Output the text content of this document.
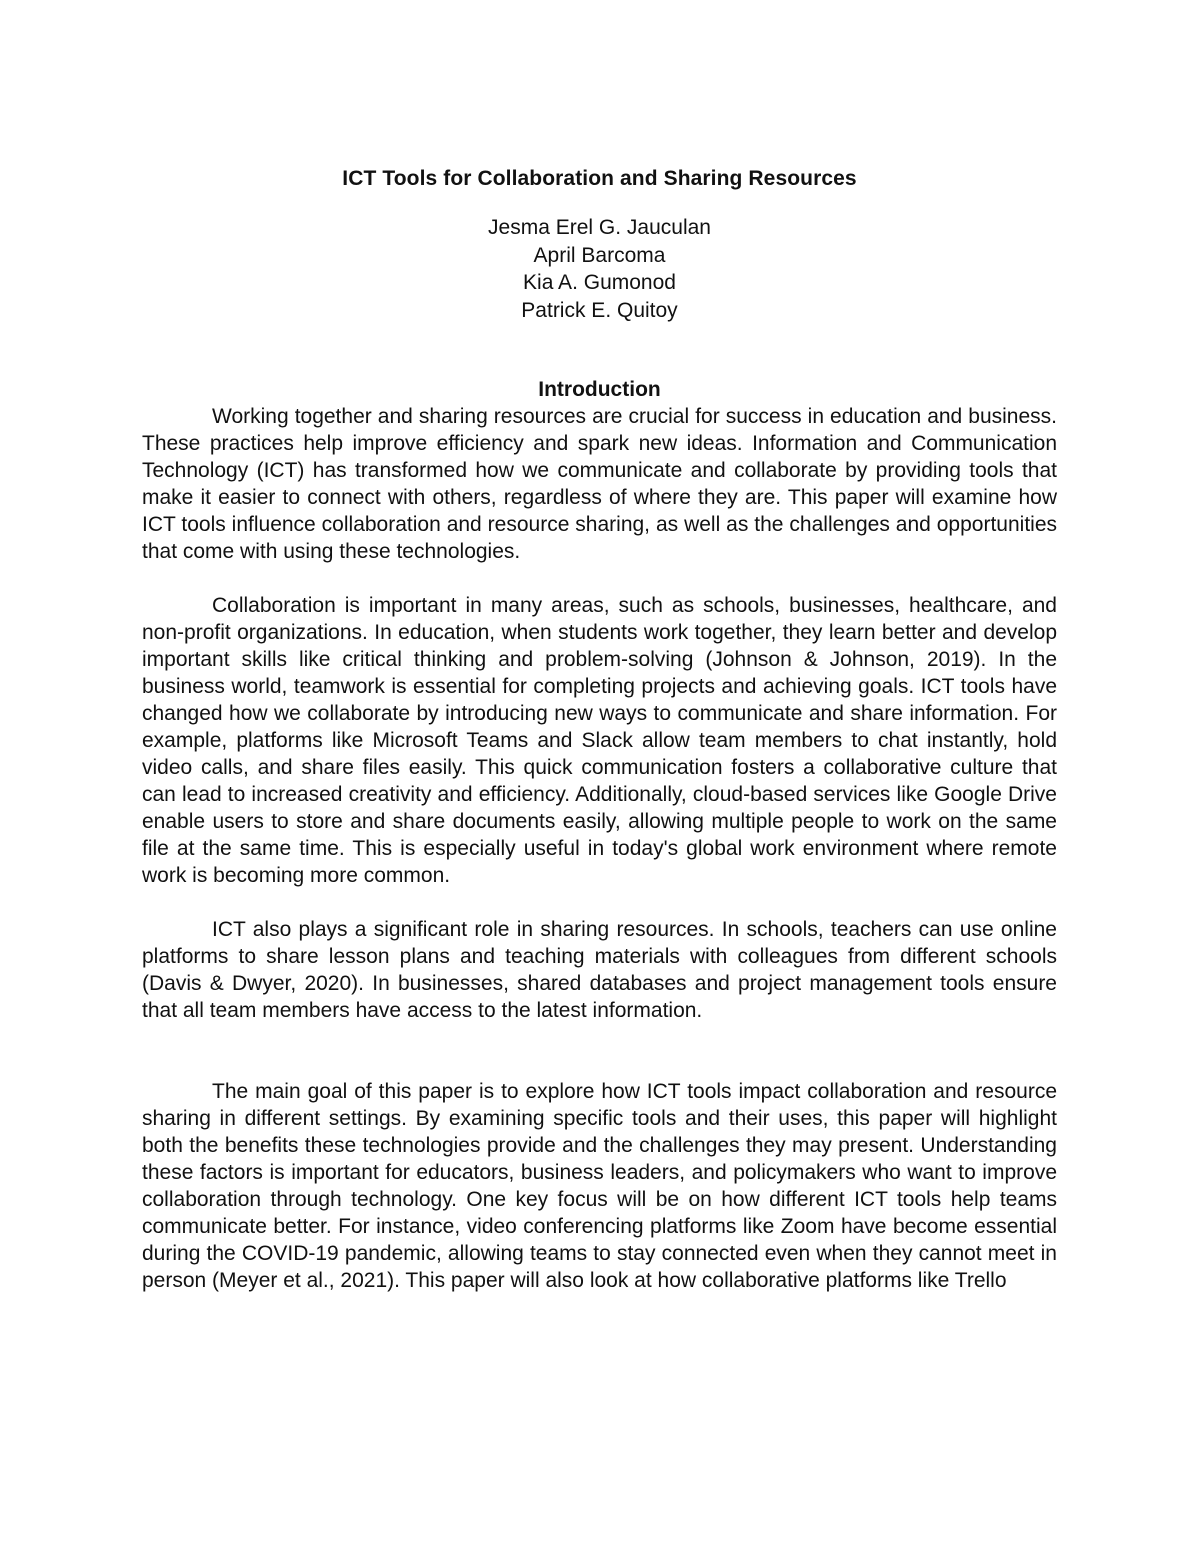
ICT Tools for Collaboration and Sharing Resources
Jesma Erel G. Jauculan
April Barcoma
Kia A. Gumonod
Patrick E. Quitoy
Introduction

Working together and sharing resources are crucial for success in education and business. These practices help improve efficiency and spark new ideas. Information and Communication Technology (ICT) has transformed how we communicate and collaborate by providing tools that make it easier to connect with others, regardless of where they are. This paper will examine how ICT tools influence collaboration and resource sharing, as well as the challenges and opportunities that come with using these technologies.

Collaboration is important in many areas, such as schools, businesses, healthcare, and non-profit organizations. In education, when students work together, they learn better and develop important skills like critical thinking and problem-solving (Johnson & Johnson, 2019). In the business world, teamwork is essential for completing projects and achieving goals. ICT tools have changed how we collaborate by introducing new ways to communicate and share information. For example, platforms like Microsoft Teams and Slack allow team members to chat instantly, hold video calls, and share files easily. This quick communication fosters a collaborative culture that can lead to increased creativity and efficiency. Additionally, cloud-based services like Google Drive enable users to store and share documents easily, allowing multiple people to work on the same file at the same time. This is especially useful in today's global work environment where remote work is becoming more common.

ICT also plays a significant role in sharing resources. In schools, teachers can use online platforms to share lesson plans and teaching materials with colleagues from different schools (Davis & Dwyer, 2020). In businesses, shared databases and project management tools ensure that all team members have access to the latest information.

The main goal of this paper is to explore how ICT tools impact collaboration and resource sharing in different settings. By examining specific tools and their uses, this paper will highlight both the benefits these technologies provide and the challenges they may present. Understanding these factors is important for educators, business leaders, and policymakers who want to improve collaboration through technology. One key focus will be on how different ICT tools help teams communicate better. For instance, video conferencing platforms like Zoom have become essential during the COVID-19 pandemic, allowing teams to stay connected even when they cannot meet in person (Meyer et al., 2021). This paper will also look at how collaborative platforms like Trello
